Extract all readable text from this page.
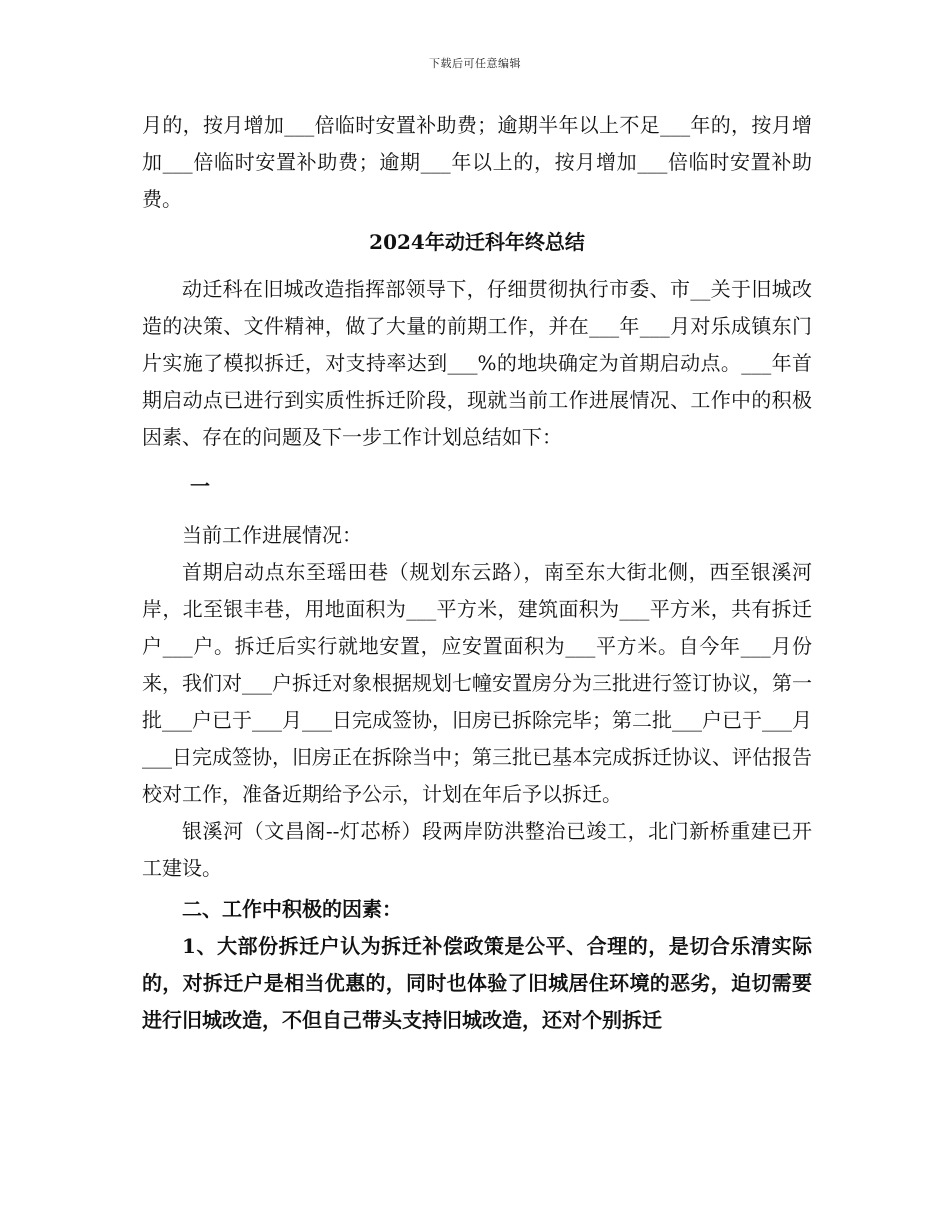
下载后可任意编辑

月的，按月增加___倍临时安置补助费；逾期半年以上不足___年的，按月增加___倍临时安置补助费；逾期___年以上的，按月增加___倍临时安置补助费。

2024年动迁科年终总结

动迁科在旧城改造指挥部领导下，仔细贯彻执行市委、市__关于旧城改造的决策、文件精神，做了大量的前期工作，并在___年___月对乐成镇东门片实施了模拟拆迁，对支持率达到___%的地块确定为首期启动点。___年首期启动点已进行到实质性拆迁阶段，现就当前工作进展情况、工作中的积极因素、存在的问题及下一步工作计划总结如下：

一

当前工作进展情况：

首期启动点东至瑶田巷（规划东云路），南至东大街北侧，西至银溪河岸，北至银丰巷，用地面积为___平方米，建筑面积为___平方米，共有拆迁户___户。拆迁后实行就地安置，应安置面积为___平方米。自今年___月份来，我们对___户拆迁对象根据规划七幢安置房分为三批进行签订协议，第一批___户已于___月___日完成签协，旧房已拆除完毕；第二批___户已于___月___日完成签协，旧房正在拆除当中；第三批已基本完成拆迁协议、评估报告校对工作，准备近期给予公示，计划在年后予以拆迁。

银溪河（文昌阁--灯芯桥）段两岸防洪整治已竣工，北门新桥重建已开工建设。

二、工作中积极的因素：

1、大部份拆迁户认为拆迁补偿政策是公平、合理的，是切合乐清实际的，对拆迁户是相当优惠的，同时也体验了旧城居住环境的恶劣，迫切需要进行旧城改造，不但自己带头支持旧城改造，还对个别拆迁
